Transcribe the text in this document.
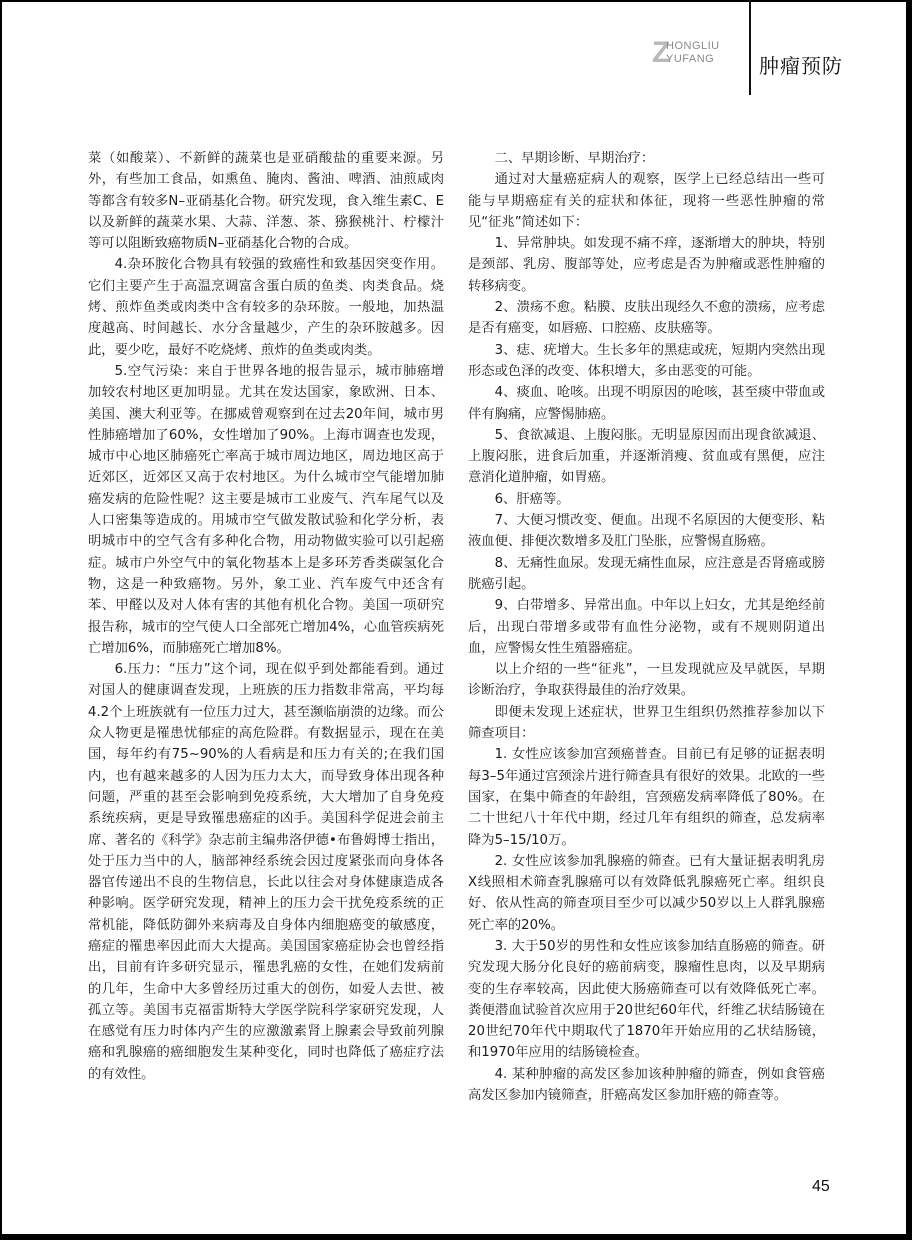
Z
HONGLIU
YUFANG 肿瘤预防

菜（如酸菜）、不新鲜的蔬菜也是亚硝酸盐的重要来源。另外，有些加工食品，如熏鱼、腌肉、酱油、啤酒、油煎咸肉等都含有较多N–亚硝基化合物。研究发现，食入维生素C、E以及新鲜的蔬菜水果、大蒜、洋葱、茶、猕猴桃汁、柠檬汁等可以阻断致癌物质N–亚硝基化合物的合成。

4.杂环胺化合物具有较强的致癌性和致基因突变作用。它们主要产生于高温烹调富含蛋白质的鱼类、肉类食品。烧烤、煎炸鱼类或肉类中含有较多的杂环胺。一般地，加热温度越高、时间越长、水分含量越少，产生的杂环胺越多。因此，要少吃，最好不吃烧烤、煎炸的鱼类或肉类。

5.空气污染：来自于世界各地的报告显示，城市肺癌增加较农村地区更加明显。尤其在发达国家，象欧洲、日本、美国、澳大利亚等。在挪威曾观察到在过去20年间，城市男性肺癌增加了60%，女性增加了90%。上海市调查也发现，城市中心地区肺癌死亡率高于城市周边地区，周边地区高于近郊区，近郊区又高于农村地区。为什么城市空气能增加肺癌发病的危险性呢？这主要是城市工业废气、汽车尾气以及人口密集等造成的。用城市空气做发散试验和化学分析，表明城市中的空气含有多种化合物，用动物做实验可以引起癌症。城市户外空气中的氧化物基本上是多环芳香类碳氢化合物，这是一种致癌物。另外，象工业、汽车废气中还含有苯、甲醛以及对人体有害的其他有机化合物。美国一项研究报告称，城市的空气使人口全部死亡增加4%，心血管疾病死亡增加6%，而肺癌死亡增加8%。

6.压力：“压力”这个词，现在似乎到处都能看到。通过对国人的健康调查发现，上班族的压力指数非常高，平均每4.2个上班族就有一位压力过大，甚至濒临崩溃的边缘。而公众人物更是罹患忧郁症的高危险群。有数据显示，现在在美国，每年约有75~90%的人看病是和压力有关的;在我们国内，也有越来越多的人因为压力太大，而导致身体出现各种问题，严重的甚至会影响到免疫系统，大大增加了自身免疫系统疾病，更是导致罹患癌症的凶手。美国科学促进会前主席、著名的《科学》杂志前主编弗洛伊德•布鲁姆博士指出，处于压力当中的人，脑部神经系统会因过度紧张而向身体各器官传递出不良的生物信息，长此以往会对身体健康造成各种影响。医学研究发现，精神上的压力会干扰免疫系统的正常机能，降低防御外来病毒及自身体内细胞癌变的敏感度，癌症的罹患率因此而大大提高。美国国家癌症协会也曾经指出，目前有许多研究显示，罹患乳癌的女性，在她们发病前的几年，生命中大多曾经历过重大的创伤，如爱人去世、被孤立等。美国韦克福雷斯特大学医学院科学家研究发现，人在感觉有压力时体内产生的应激激素肾上腺素会导致前列腺癌和乳腺癌的癌细胞发生某种变化，同时也降低了癌症疗法的有效性。

二、早期诊断、早期治疗：

通过对大量癌症病人的观察，医学上已经总结出一些可能与早期癌症有关的症状和体征，现将一些恶性肿瘤的常见“征兆”简述如下：

1、异常肿块。如发现不痛不痒，逐渐增大的肿块，特别是颈部、乳房、腹部等处，应考虑是否为肿瘤或恶性肿瘤的转移病变。

2、溃疡不愈。粘膜、皮肤出现经久不愈的溃疡，应考虑是否有癌变，如唇癌、口腔癌、皮肤癌等。

3、痣、疣增大。生长多年的黑痣或疣，短期内突然出现形态或色泽的改变、体积增大，多由恶变的可能。

4、痰血、呛咳。出现不明原因的呛咳，甚至痰中带血或伴有胸痛，应警惕肺癌。

5、食欲减退、上腹闷胀。无明显原因而出现食欲减退、上腹闷胀，进食后加重，并逐渐消瘦、贫血或有黑便，应注意消化道肿瘤，如胃癌。

6、肝癌等。

7、大便习惯改变、便血。出现不名原因的大便变形、粘液血便、排便次数增多及肛门坠胀，应警惕直肠癌。

8、无痛性血尿。发现无痛性血尿，应注意是否肾癌或膀胱癌引起。

9、白带增多、异常出血。中年以上妇女，尤其是绝经前后，出现白带增多或带有血性分泌物，或有不规则阴道出血，应警惕女性生殖器癌症。

以上介绍的一些“征兆”，一旦发现就应及早就医，早期诊断治疗，争取获得最佳的治疗效果。

即便未发现上述症状，世界卫生组织仍然推荐参加以下筛查项目：

1. 女性应该参加宫颈癌普查。目前已有足够的证据表明每3–5年通过宫颈涂片进行筛查具有很好的效果。北欧的一些国家，在集中筛查的年龄组，宫颈癌发病率降低了80%。在二十世纪八十年代中期，经过几年有组织的筛查，总发病率降为5–15/10万。

2. 女性应该参加乳腺癌的筛查。已有大量证据表明乳房X线照相术筛查乳腺癌可以有效降低乳腺癌死亡率。组织良好、依从性高的筛查项目至少可以减少50岁以上人群乳腺癌死亡率的20%。

3. 大于50岁的男性和女性应该参加结直肠癌的筛查。研究发现大肠分化良好的癌前病变，腺瘤性息肉，以及早期病变的生存率较高，因此使大肠癌筛查可以有效降低死亡率。粪便潜血试验首次应用于20世纪60年代，纤维乙状结肠镜在20世纪70年代中期取代了1870年开始应用的乙状结肠镜，和1970年应用的结肠镜检查。

4. 某种肿瘤的高发区参加该种肿瘤的筛查，例如食管癌高发区参加内镜筛查，肝癌高发区参加肝癌的筛查等。

45
